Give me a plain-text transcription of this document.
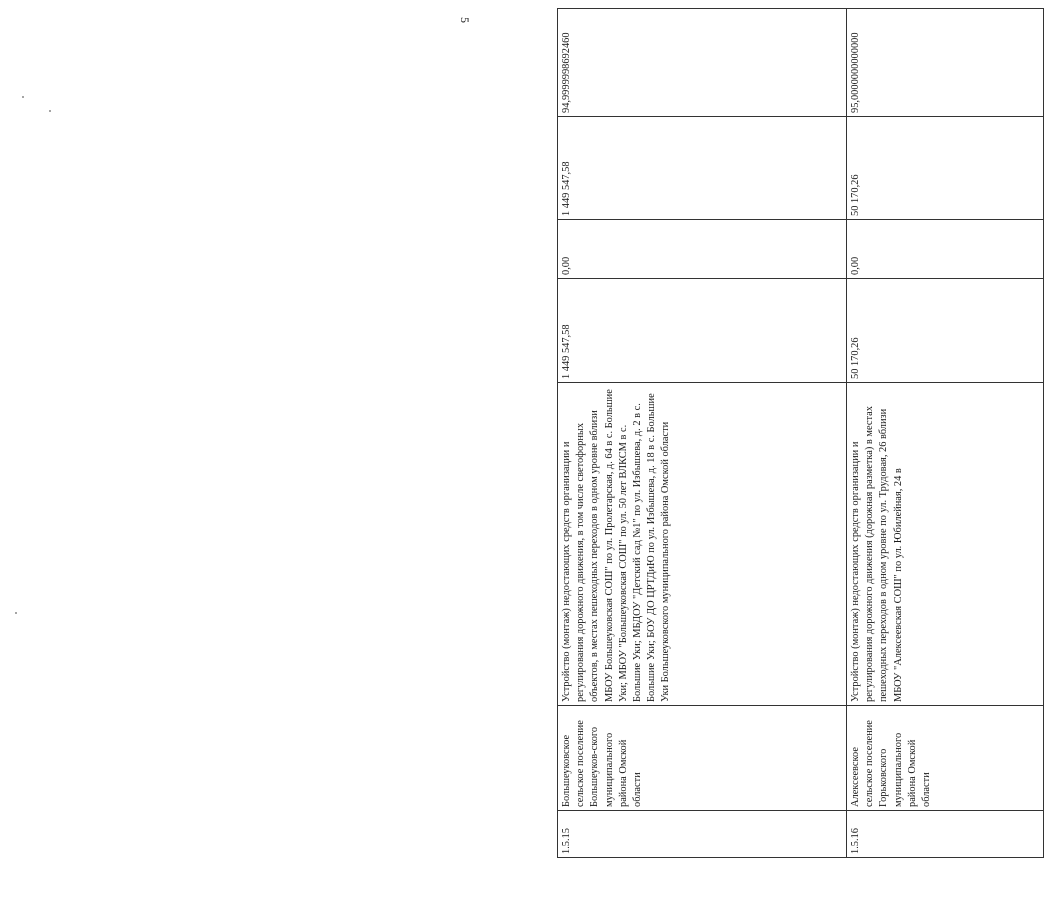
5
1.5.15	Большеуковское сельское поселение Большеуков-ского муниципального района Омской области	Устройство (монтаж) недостающих средств организации и регулирования дорожного движения, в том числе светофорных объектов, в местах пешеходных переходов в одном уровне вблизи МБОУ Большеуковская СОШ" по ул. Пролетарская, д. 64 в с. Большие Уки; МБОУ "Большеуковская СОШ" по ул. 50 лет ВЛКСМ в с. Большие Уки; МБДОУ "Детский сад №1" по ул. Избышева, д. 2 в с. Большие Уки; БОУ ДО ЦРТДиЮ по ул. Избышева, д. 18 в с. Большие Уки Большеуковского муниципального района Омской области	1 449 547,58	0,00	1 449 547,58	94,9999998692460
1.5.16	Алексеевское сельское поселение Горьковского муниципального района Омской области	Устройство (монтаж) недостающих средств организации и регулирования дорожного движения (дорожная разметка) в местах пешеходных переходов в одном уровне по ул. Трудовая, 26 вблизи МБОУ "Алексеевская СОШ" по ул. Юбилейная, 24 в	50 170,26	0,00	50 170,26	95,0000000000000
